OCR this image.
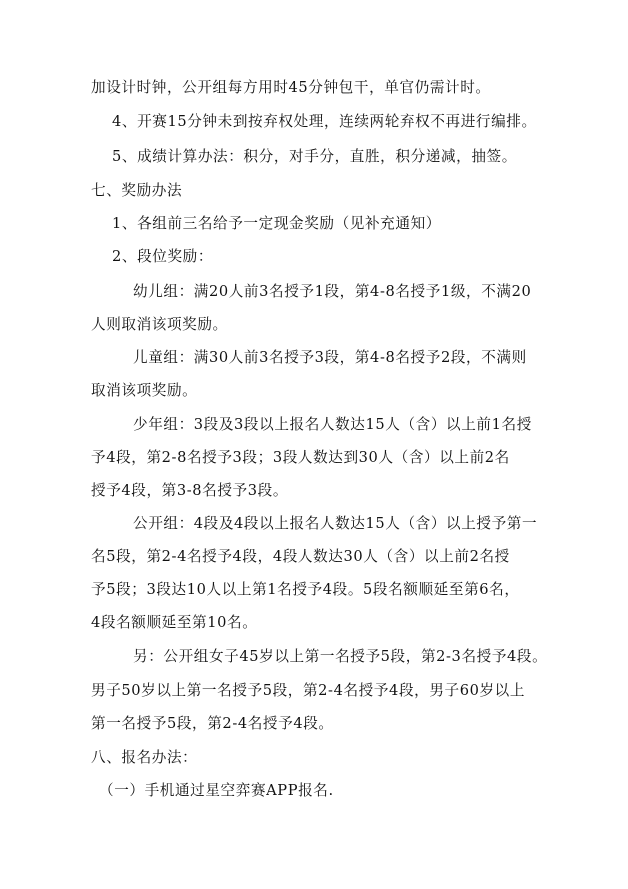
加设计时钟，公开组每方用时45分钟包干，单官仍需计时。
4、开赛15分钟未到按弃权处理，连续两轮弃权不再进行编排。
5、成绩计算办法：积分，对手分，直胜，积分递减，抽签。
七、奖励办法
1、各组前三名给予一定现金奖励（见补充通知）
2、段位奖励：
幼儿组：满20人前3名授予1段，第4-8名授予1级，不满20
人则取消该项奖励。
儿童组：满30人前3名授予3段，第4-8名授予2段，不满则
取消该项奖励。
少年组：3段及3段以上报名人数达15人（含）以上前1名授
予4段，第2-8名授予3段；3段人数达到30人（含）以上前2名
授予4段，第3-8名授予3段。
公开组：4段及4段以上报名人数达15人（含）以上授予第一
名5段，第2-4名授予4段，4段人数达30人（含）以上前2名授
予5段；3段达10人以上第1名授予4段。5段名额顺延至第6名，
4段名额顺延至第10名。
另：公开组女子45岁以上第一名授予5段，第2-3名授予4段。
男子50岁以上第一名授予5段，第2-4名授予4段，男子60岁以上
第一名授予5段，第2-4名授予4段。
八、报名办法：
（一）手机通过星空弈赛APP报名.
